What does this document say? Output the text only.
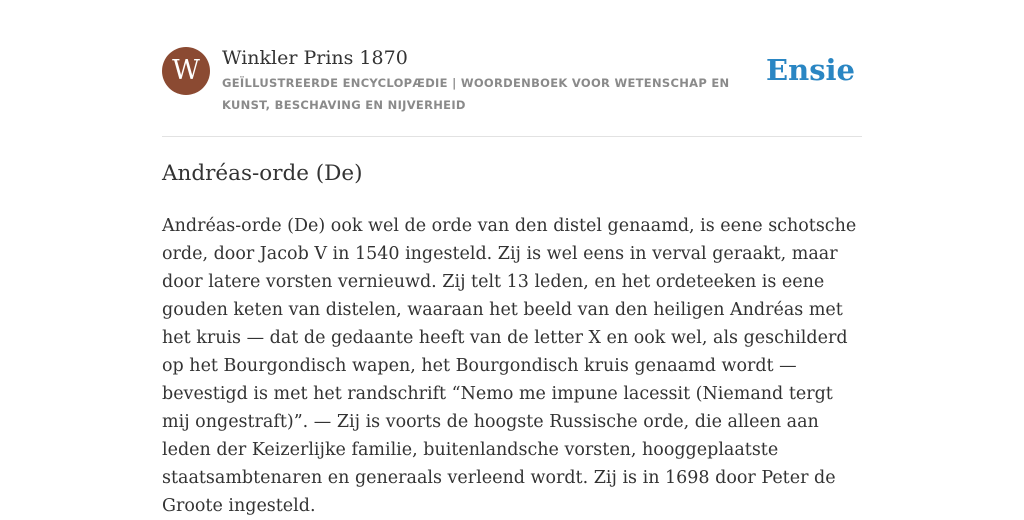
W	Winkler Prins 1870
GEÏLLUSTREERDE ENCYCLOPÆDIE | WOORDENBOEK VOOR WETENSCHAP EN KUNST, BESCHAVING EN NIJVERHEID
Ensie
Andréas-orde (De)

Andréas-orde (De) ook wel de orde van den distel genaamd, is eene schotsche orde, door Jacob V in 1540 ingesteld. Zij is wel eens in verval geraakt, maar door latere vorsten vernieuwd. Zij telt 13 leden, en het ordeteeken is eene gouden keten van distelen, waaraan het beeld van den heiligen Andréas met het kruis — dat de gedaante heeft van de letter X en ook wel, als geschilderd op het Bourgondisch wapen, het Bourgondisch kruis genaamd wordt — bevestigd is met het randschrift “Nemo me impune lacessit (Niemand tergt mij ongestraft)”. — Zij is voorts de hoogste Russische orde, die alleen aan leden der Keizerlijke familie, buitenlandsche vorsten, hooggeplaatste staatsambtenaren en generaals verleend wordt. Zij is in 1698 door Peter de Groote ingesteld.
